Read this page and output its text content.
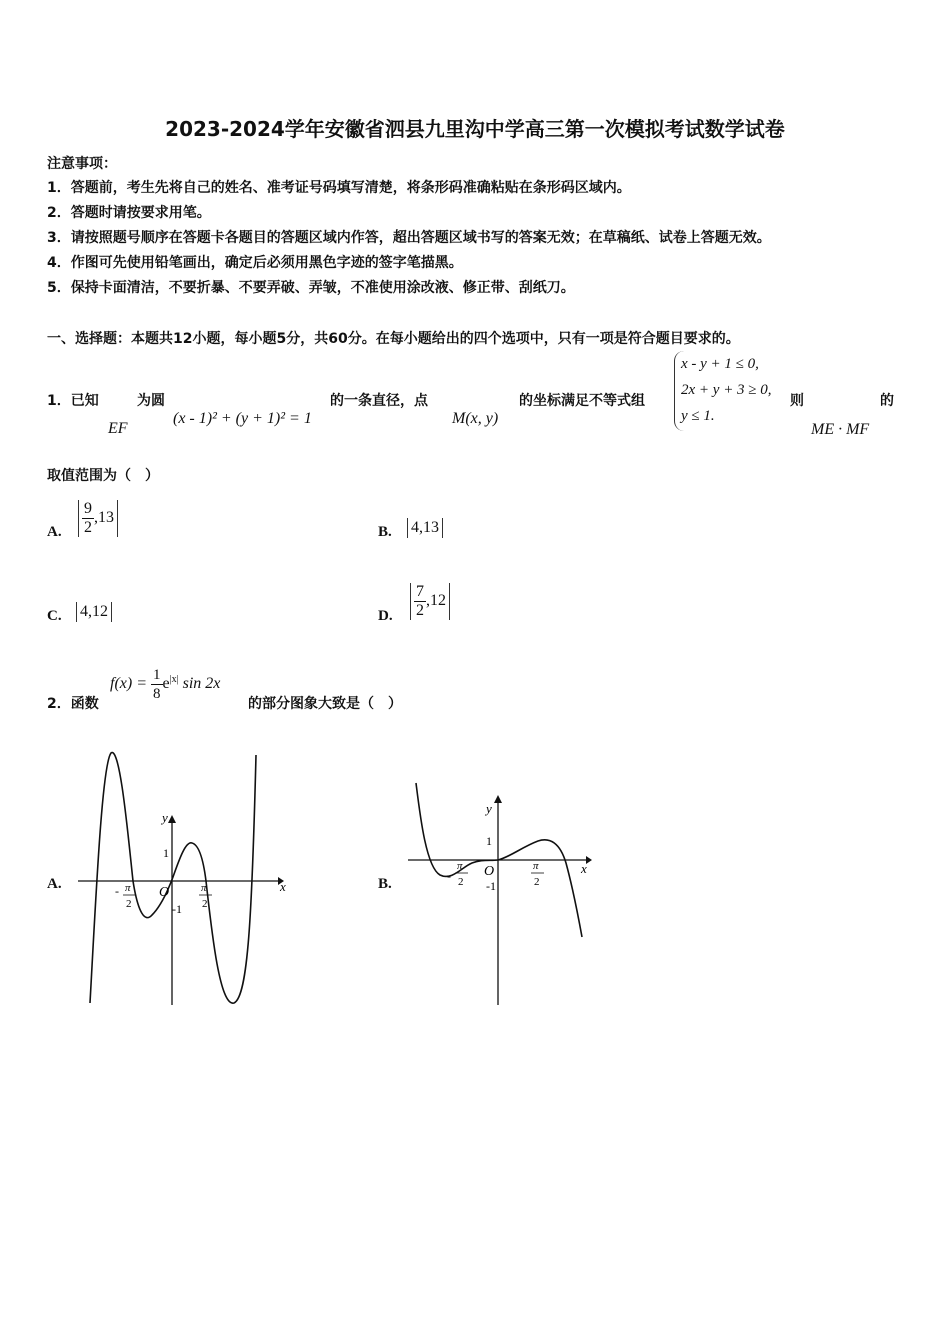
2023-2024学年安徽省泗县九里沟中学高三第一次模拟考试数学试卷
注意事项：
1．答题前，考生先将自己的姓名、准考证号码填写清楚，将条形码准确粘贴在条形码区域内。
2．答题时请按要求用笔。
3．请按照题号顺序在答题卡各题目的答题区域内作答，超出答题区域书写的答案无效；在草稿纸、试卷上答题无效。
4．作图可先使用铅笔画出，确定后必须用黑色字迹的签字笔描黑。
5．保持卡面清洁，不要折暴、不要弄破、弄皱，不准使用涂改液、修正带、刮纸刀。
一、选择题：本题共12小题，每小题5分，共60分。在每小题给出的四个选项中，只有一项是符合题目要求的。
1．已知
EF
为圆
(x - 1)² + (y + 1)² = 1
的一条直径，点
M(x, y)
的坐标满足不等式组
x - y + 1 ≤ 0,
2x + y + 3 ≥ 0,
y ≤ 1.
则	的
ME · MF
取值范围为（　）
A. $\frac{9}{2} ,13$
B. 4,13
C. 4,12	D. $\frac{7}{2} ,12$
2．函数
$f(x) = \frac{1}{8} e^{|x|}$ sin 2x
的部分图象大致是（　）
A.	B.
y
x
O
1
-1
- π
2
π
2
y
x
O
1
-1
-
π
2
π
2
